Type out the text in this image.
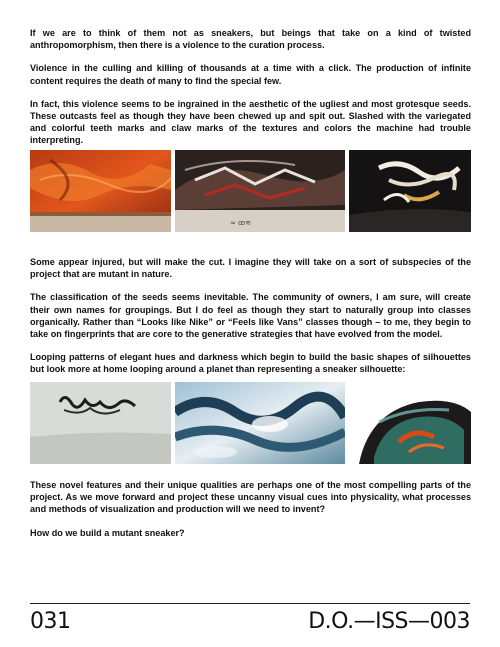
If we are to think of them not as sneakers, but beings that take on a kind of twisted anthropomorphism, then there is a violence to the curation process.

Violence in the culling and killing of thousands at a time with a click. The production of infinite content requires the death of many to find the special few.

In fact, this violence seems to be ingrained in the aesthetic of the ugliest and most grotesque seeds. These outcasts feel as though they have been chewed up and spit out. Slashed with the variegated and colorful teeth marks and claw marks of the textures and colors the machine had trouble interpreting.

≈ ꝏ≋

Some appear injured, but will make the cut. I imagine they will take on a sort of subspecies of the project that are mutant in nature.

The classification of the seeds seems inevitable. The community of owners, I am sure, will create their own names for groupings. But I do feel as though they start to naturally group into classes organically. Rather than “Looks like Nike” or “Feels like Vans” classes though – to me, they begin to take on fingerprints that are core to the generative strategies that have evolved from the model.

Looping patterns of elegant hues and darkness which begin to build the basic shapes of silhouettes but look more at home looping around a planet than representing a sneaker silhouette:

These novel features and their unique qualities are perhaps one of the most compelling parts of the project. As we move forward and project these uncanny visual cues into physicality, what processes and methods of visualization and production will we need to invent?

How do we build a mutant sneaker?

031	D.O.—ISS—003
